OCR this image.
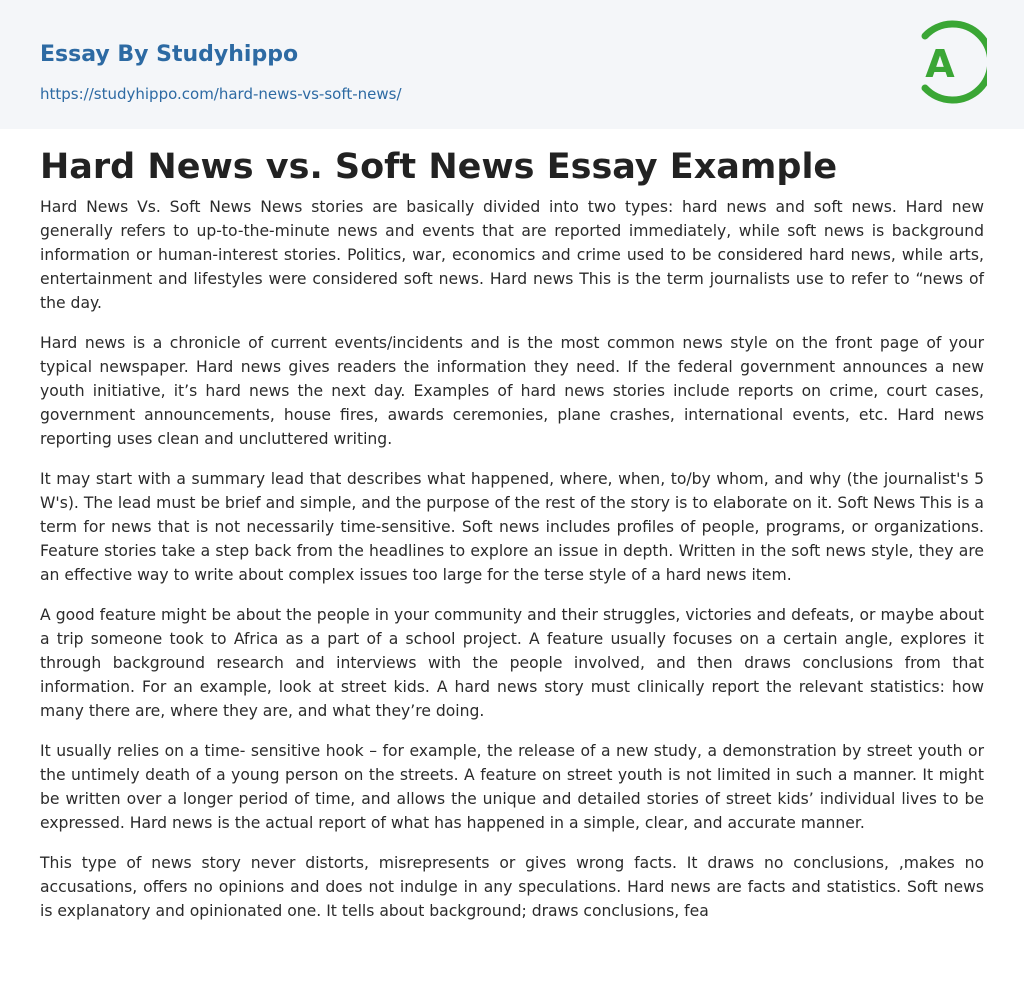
Essay By Studyhippo
https://studyhippo.com/hard-news-vs-soft-news/
A
Hard News vs. Soft News Essay Example

Hard News Vs. Soft News News stories are basically divided into two types: hard news and soft news. Hard new generally refers to up-to-the-minute news and events that are reported immediately, while soft news is background information or human-interest stories. Politics, war, economics and crime used to be considered hard news, while arts, entertainment and lifestyles were considered soft news. Hard news This is the term journalists use to refer to “news of the day.

Hard news is a chronicle of current events/incidents and is the most common news style on the front page of your typical newspaper. Hard news gives readers the information they need. If the federal government announces a new youth initiative, it’s hard news the next day. Examples of hard news stories include reports on crime, court cases, government announcements, house fires, awards ceremonies, plane crashes, international events, etc. Hard news reporting uses clean and uncluttered writing.

It may start with a summary lead that describes what happened, where, when, to/by whom, and why (the journalist's 5 W's). The lead must be brief and simple, and the purpose of the rest of the story is to elaborate on it. Soft News This is a term for news that is not necessarily time-sensitive. Soft news includes profiles of people, programs, or organizations. Feature stories take a step back from the headlines to explore an issue in depth. Written in the soft news style, they are an effective way to write about complex issues too large for the terse style of a hard news item.

A good feature might be about the people in your community and their struggles, victories and defeats, or maybe about a trip someone took to Africa as a part of a school project. A feature usually focuses on a certain angle, explores it through background research and interviews with the people involved, and then draws conclusions from that information. For an example, look at street kids. A hard news story must clinically report the relevant statistics: how many there are, where they are, and what they’re doing.

It usually relies on a time- sensitive hook – for example, the release of a new study, a demonstration by street youth or the untimely death of a young person on the streets. A feature on street youth is not limited in such a manner. It might be written over a longer period of time, and allows the unique and detailed stories of street kids’ individual lives to be expressed. Hard news is the actual report of what has happened in a simple, clear, and accurate manner.

This type of news story never distorts, misrepresents or gives wrong facts. It draws no conclusions, ,makes no accusations, offers no opinions and does not indulge in any speculations. Hard news are facts and statistics. Soft news is explanatory and opinionated one. It tells about background; draws conclusions, fea
